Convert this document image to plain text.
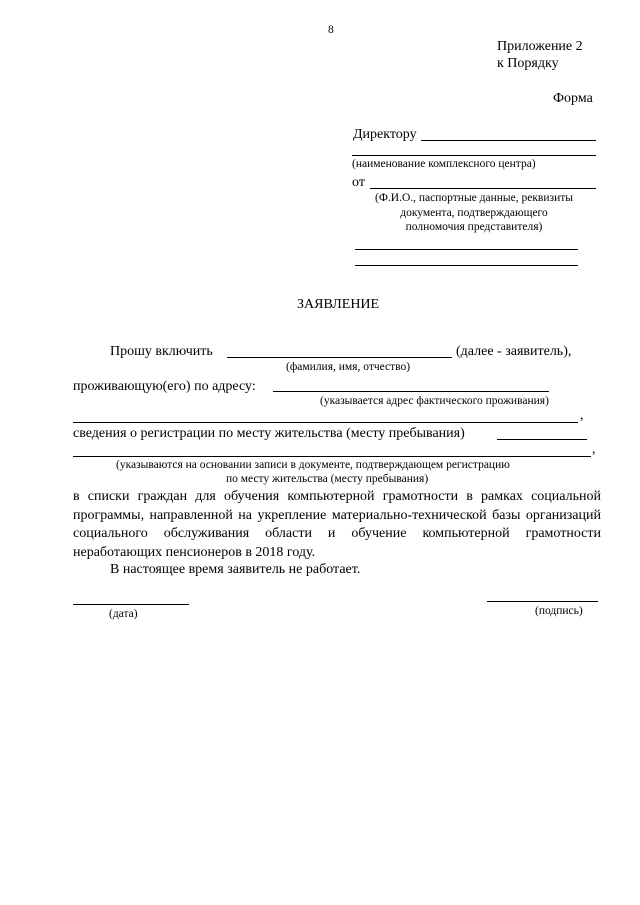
8
Приложение 2
к Порядку
Форма
Директору
(наименование комплексного центра)
от
(Ф.И.О., паспортные данные, реквизиты
документа, подтверждающего
полномочия представителя)
ЗАЯВЛЕНИЕ
Прошу включить	(далее - заявитель),
(фамилия, имя, отчество)
проживающую(его) по адресу:
(указывается адрес фактического проживания)
,
сведения о регистрации по месту жительства (месту пребывания)
,
(указываются на основании записи в документе, подтверждающем регистрацию
по месту жительства (месту пребывания)
в списки граждан для обучения компьютерной грамотности в рамках социальной программы, направленной на укрепление материально-технической базы организаций социального обслуживания области и обучение компьютерной грамотности неработающих пенсионеров в 2018 году.
В настоящее время заявитель не работает.
(дата)	(подпись)
